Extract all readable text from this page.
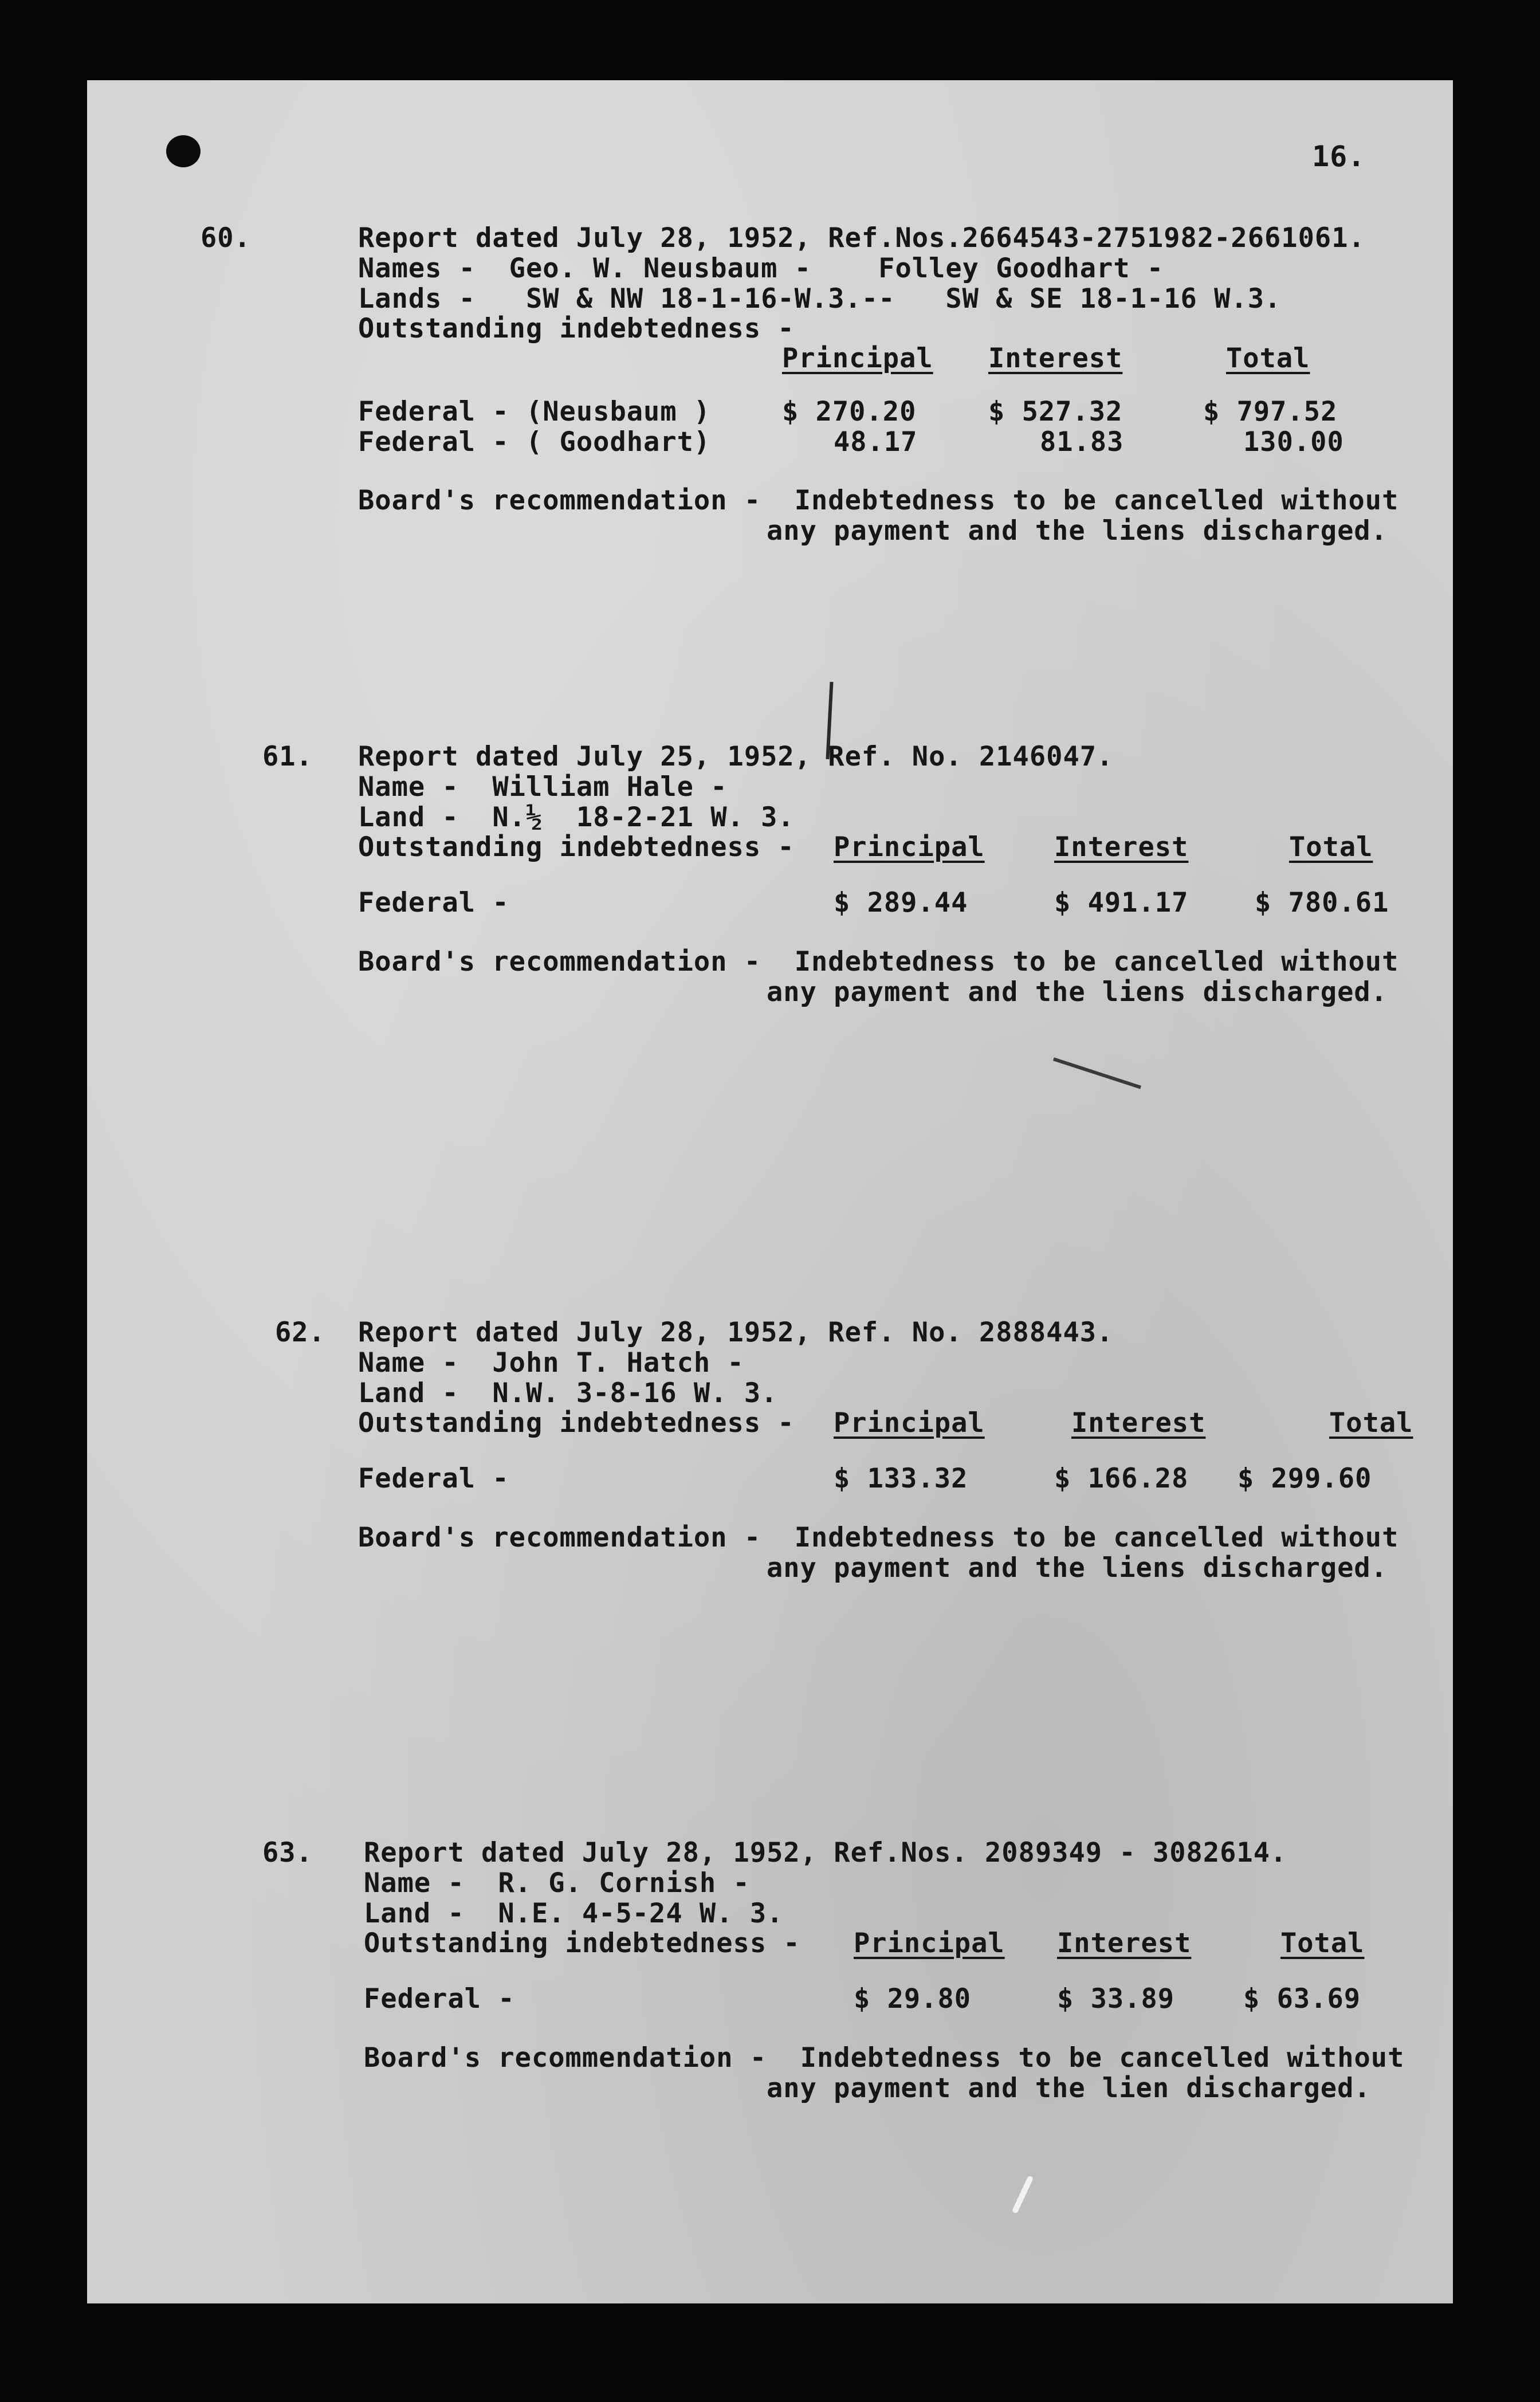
16.
60.	Report dated July 28, 1952, Ref.Nos.2664543-2751982-2661061.
Names -  Geo. W. Neusbaum -    Folley Goodhart -
Lands -   SW & NW 18-1-16-W.3.--   SW & SE 18-1-16 W.3.
Outstanding indebtedness -
Principal Interest	Total
Federal - (Neusbaum )	$ 270.20	$ 527.32	$ 797.52
Federal - ( Goodhart)	48.17	81.83	130.00
Board's recommendation -  Indebtedness to be cancelled without
any payment and the liens discharged.
61. Report dated July 25, 1952, Ref. No. 2146047.
Name -  William Hale -
Land -  N.½  18-2-21 W. 3.
Outstanding indebtedness - Principal	Interest	Total
Federal -	$ 289.44	$ 491.17 $ 780.61
Board's recommendation -  Indebtedness to be cancelled without
any payment and the liens discharged.
62. Report dated July 28, 1952, Ref. No. 2888443.
Name -  John T. Hatch -
Land -  N.W. 3-8-16 W. 3.
Outstanding indebtedness - Principal	Interest	Total
Federal -	$ 133.32	$ 166.28 $ 299.60
Board's recommendation -  Indebtedness to be cancelled without
any payment and the liens discharged.
63. Report dated July 28, 1952, Ref.Nos. 2089349 - 3082614.
Name -  R. G. Cornish -
Land -  N.E. 4-5-24 W. 3.
Outstanding indebtedness - Principal Interest	Total
Federal -	$ 29.80	$ 33.89	$ 63.69
Board's recommendation -  Indebtedness to be cancelled without
any payment and the lien discharged.
